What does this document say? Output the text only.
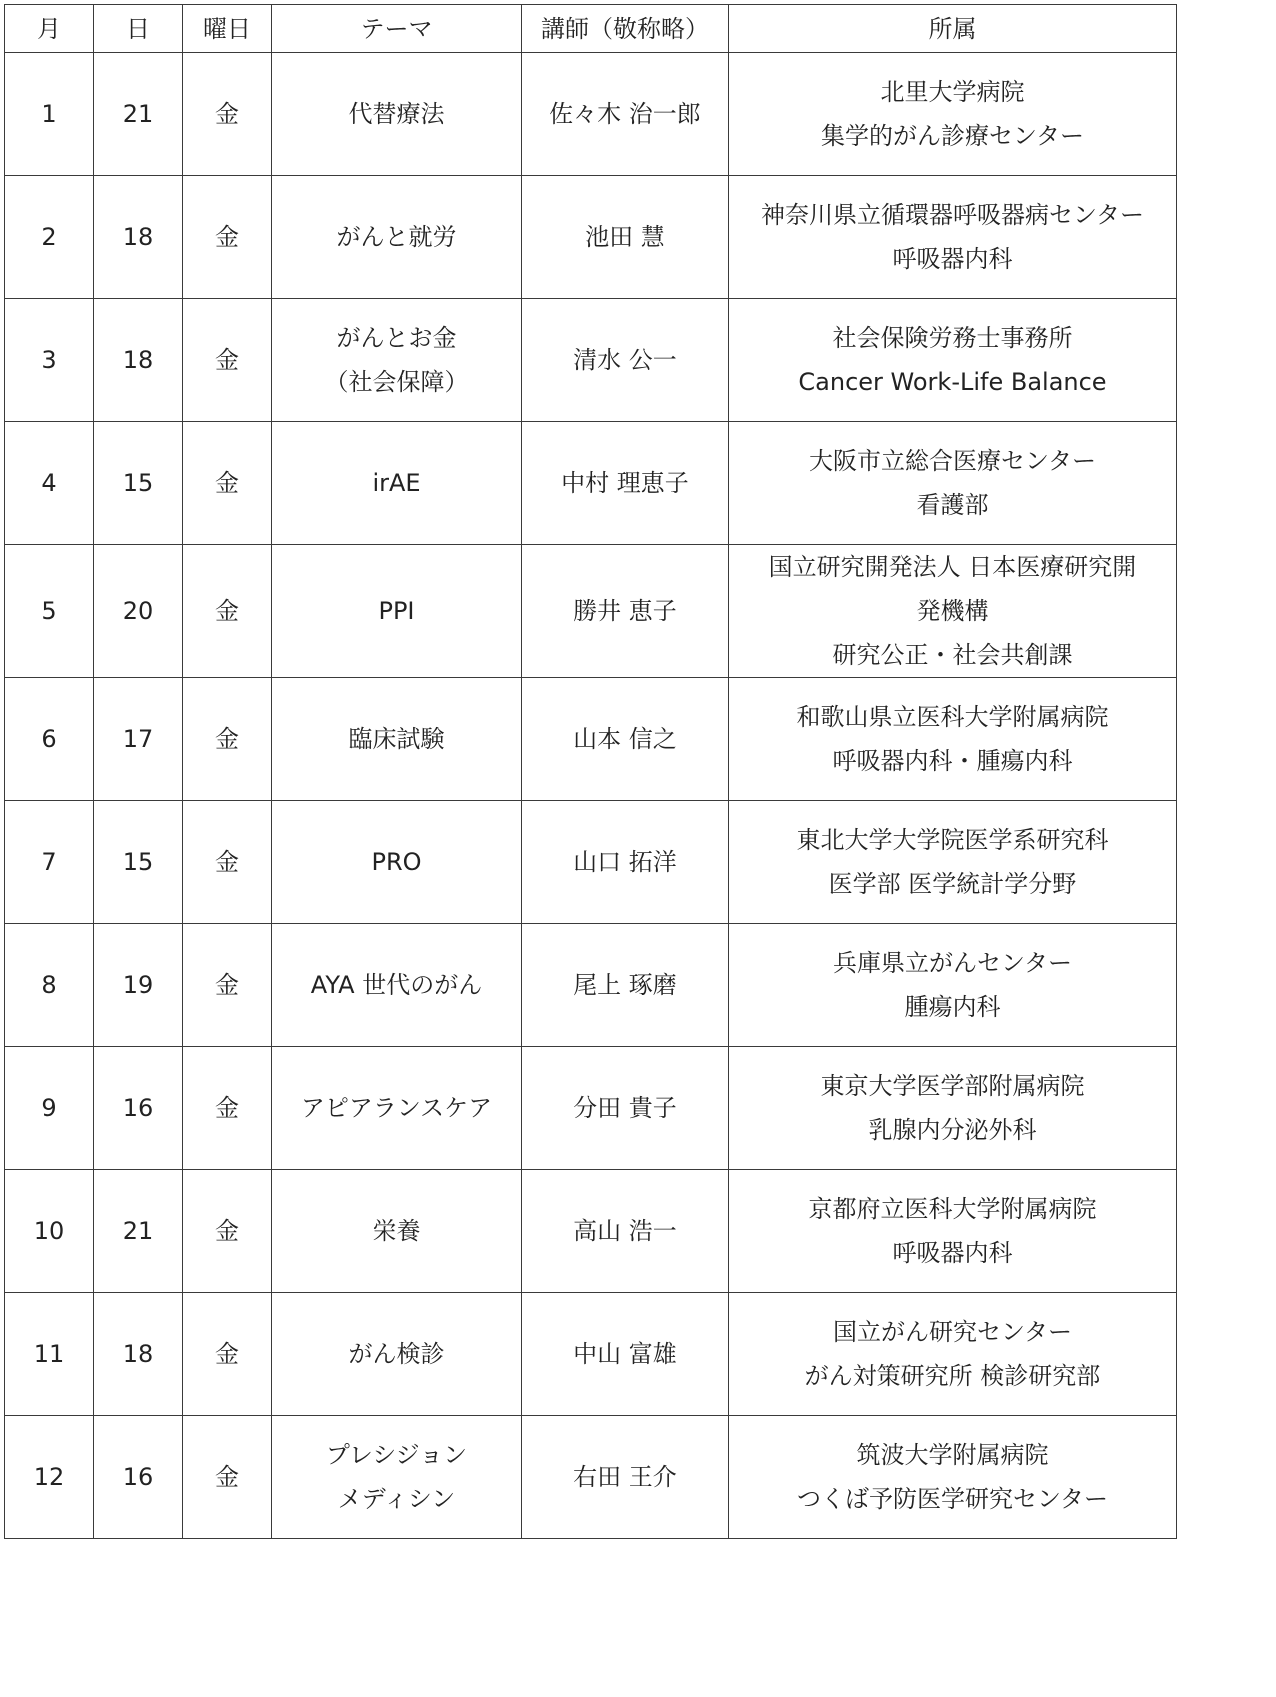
月	日	曜日	テーマ	講師（敬称略）	所属
1	21	金	代替療法	佐々木 治一郎	北里大学病院
集学的がん診療センター

2	18	金	がんと就労	池田 慧	神奈川県立循環器呼吸器病センター
呼吸器内科

3	18	金	がんとお金
（社会保障）	清水 公一	社会保険労務士事務所
Cancer Work-Life Balance

4	15	金	irAE	中村 理恵子	大阪市立総合医療センター
看護部

5	20	金	PPI	勝井 恵子	国立研究開発法人 日本医療研究開
発機構
研究公正・社会共創課

6	17	金	臨床試験	山本 信之	和歌山県立医科大学附属病院
呼吸器内科・腫瘍内科

7	15	金	PRO	山口 拓洋	東北大学大学院医学系研究科
医学部 医学統計学分野

8	19	金	AYA 世代のがん	尾上 琢磨	兵庫県立がんセンター
腫瘍内科

9	16	金	アピアランスケア	分田 貴子	東京大学医学部附属病院
乳腺内分泌外科

10	21	金	栄養	高山 浩一	京都府立医科大学附属病院
呼吸器内科

11	18	金	がん検診	中山 富雄	国立がん研究センター
がん対策研究所 検診研究部

12	16	金	プレシジョン
メディシン	右田 王介	筑波大学附属病院
つくば予防医学研究センター
